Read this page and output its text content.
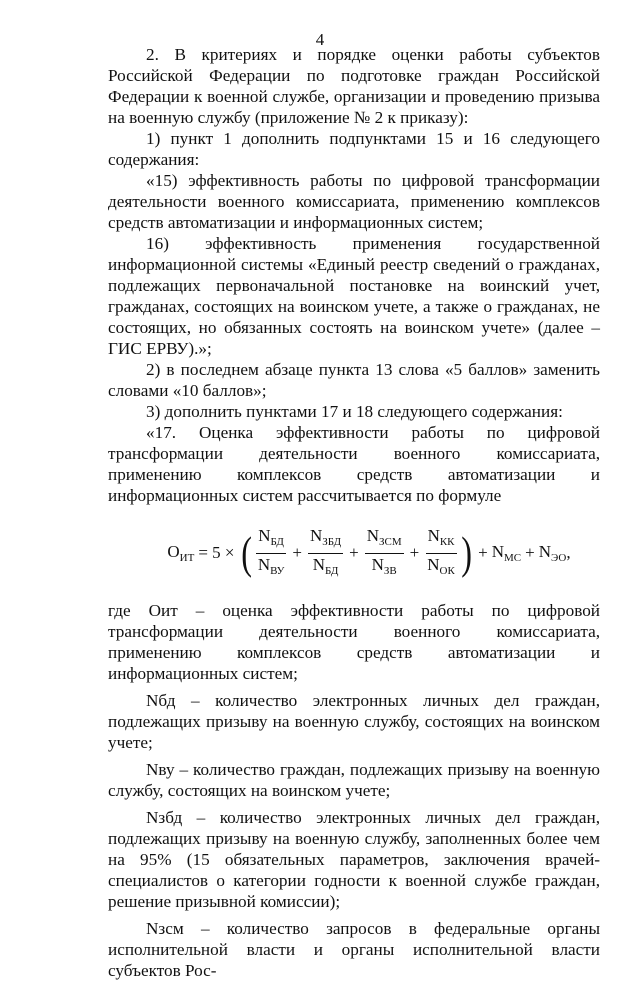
4

2. В критериях и порядке оценки работы субъектов Российской Федерации по подготовке граждан Российской Федерации к военной службе, организации и проведению призыва на военную службу (приложение № 2 к приказу):

1) пункт 1 дополнить подпунктами 15 и 16 следующего содержания:

«15) эффективность работы по цифровой трансформации деятельности военного комиссариата, применению комплексов средств автоматизации и информационных систем;

16) эффективность применения государственной информационной системы «Единый реестр сведений о гражданах, подлежащих первоначальной постановке на воинский учет, гражданах, состоящих на воинском учете, а также о гражданах, не состоящих, но обязанных состоять на воинском учете» (далее – ГИС ЕРВУ).»;

2) в последнем абзаце пункта 13 слова «5 баллов» заменить словами «10 баллов»;

3) дополнить пунктами 17 и 18 следующего содержания:

«17. Оценка эффективности работы по цифровой трансформации деятельности военного комиссариата, применению комплексов средств автоматизации и информационных систем рассчитывается по формуле

$О_{ИТ} = 5$ × ( $\frac{N_{БД}}{N_{ВУ}} + \frac{N_{ЗБД}}{N_{БД}} + \frac{N_{ЗСМ}}{N_{ЗВ}} + \frac{N_{КК}}{N_{ОК}}$ ) + $N_{МС} + N_{ЭО}$ ,

где Оит – оценка эффективности работы по цифровой трансформации деятельности военного комиссариата, применению комплексов средств автоматизации и информационных систем;

Nбд – количество электронных личных дел граждан, подлежащих призыву на военную службу, состоящих на воинском учете;

Nву – количество граждан, подлежащих призыву на военную службу, состоящих на воинском учете;

Nзбд – количество электронных личных дел граждан, подлежащих призыву на военную службу, заполненных более чем на 95% (15 обязательных параметров, заключения врачей-специалистов о категории годности к военной службе граждан, решение призывной комиссии);

Nзсм – количество запросов в федеральные органы исполнительной власти и органы исполнительной власти субъектов Рос-
